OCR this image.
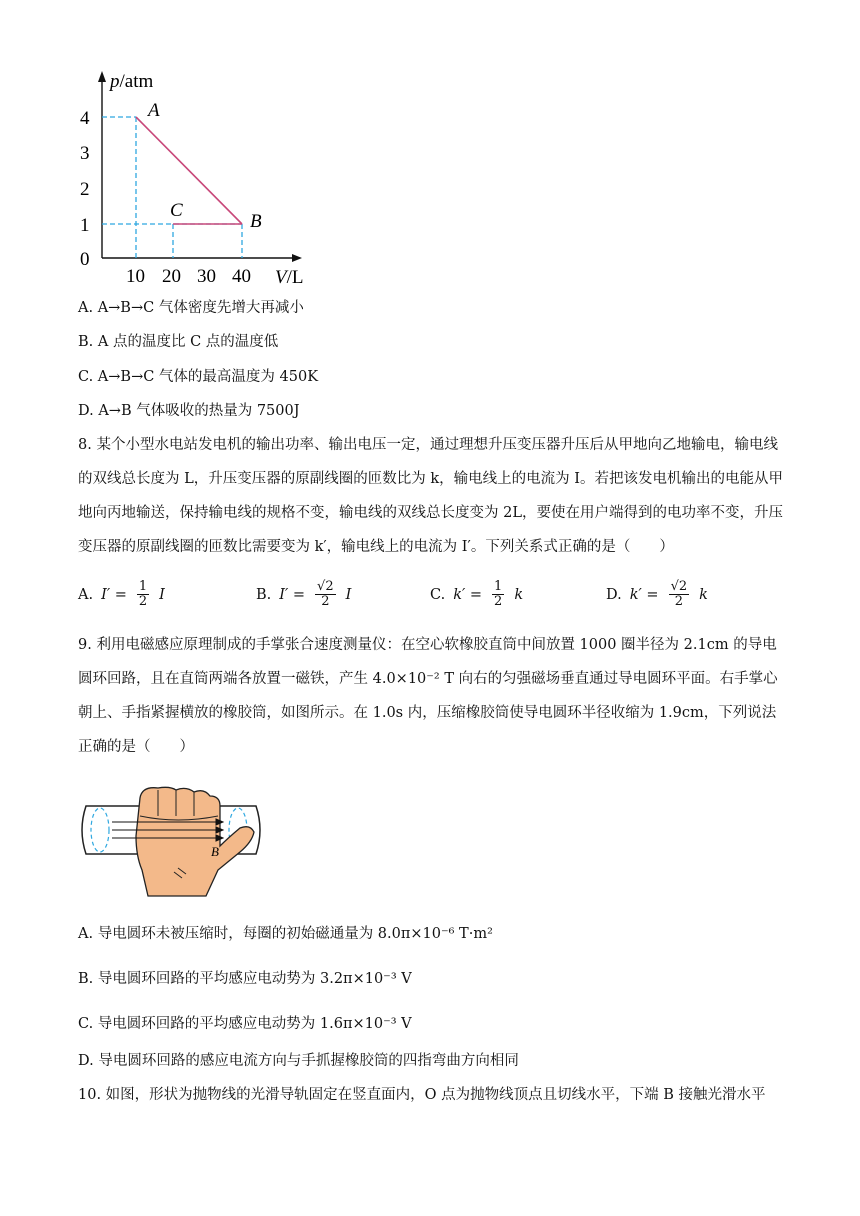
p/atm
V/L
4
3
2
1
0
10 20 30 40
A
C
B
A. A→B→C 气体密度先增大再减小
B. A 点的温度比 C 点的温度低
C. A→B→C 气体的最高温度为 450K
D. A→B 气体吸收的热量为 7500J
8. 某个小型水电站发电机的输出功率、输出电压一定，通过理想升压变压器升压后从甲地向乙地输电，输电线的双线总长度为 L，升压变压器的原副线圈的匝数比为 k，输电线上的电流为 I。若把该发电机输出的电能从甲地向丙地输送，保持输电线的规格不变，输电线的双线总长度变为 2L，要使在用户端得到的电功率不变，升压变压器的原副线圈的匝数比需要变为 k′，输电线上的电流为 I′。下列关系式正确的是（　　）
A. $I' = \frac{1}{2}$ I	B. $I' = \frac{√2}{2}$ I	C. $k' = \frac{1}{2}$ k	D. $k' = \frac{√2}{2}$ k
9. 利用电磁感应原理制成的手掌张合速度测量仪：在空心软橡胶直筒中间放置 1000 圈半径为 2.1cm 的导电圆环回路，且在直筒两端各放置一磁铁，产生 4.0×10⁻² T 向右的匀强磁场垂直通过导电圆环平面。右手掌心朝上、手指紧握横放的橡胶筒，如图所示。在 1.0s 内，压缩橡胶筒使导电圆环半径收缩为 1.9cm，下列说法正确的是（　　）
B
A. 导电圆环未被压缩时，每圈的初始磁通量为 8.0π×10⁻⁶ T·m²
B. 导电圆环回路的平均感应电动势为 3.2π×10⁻³ V
C. 导电圆环回路的平均感应电动势为 1.6π×10⁻³ V
D. 导电圆环回路的感应电流方向与手抓握橡胶筒的四指弯曲方向相同
10. 如图，形状为抛物线的光滑导轨固定在竖直面内，O 点为抛物线顶点且切线水平，下端 B 接触光滑水平
